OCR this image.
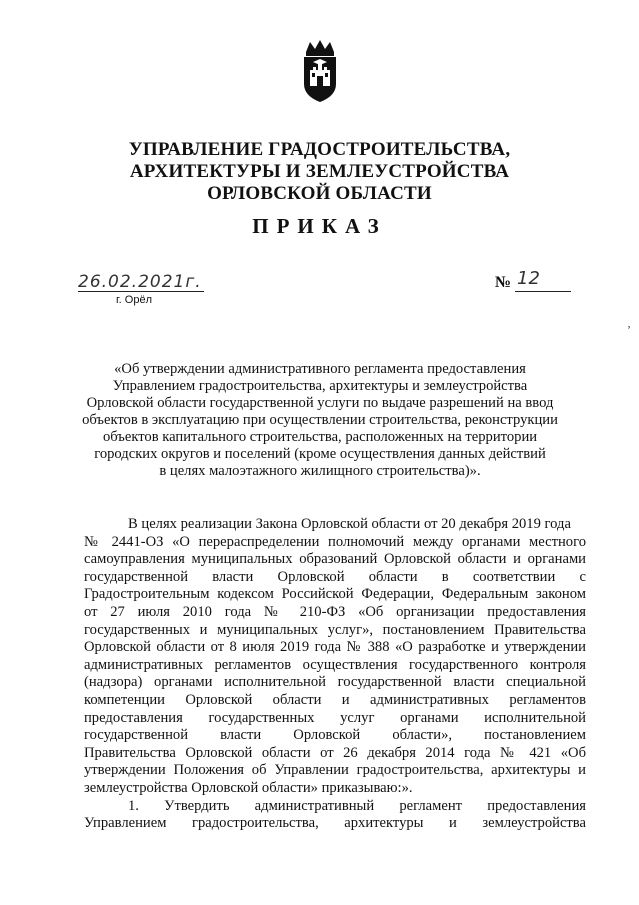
УПРАВЛЕНИЕ ГРАДОСТРОИТЕЛЬСТВА,
АРХИТЕКТУРЫ И ЗЕМЛЕУСТРОЙСТВА
ОРЛОВСКОЙ ОБЛАСТИ
ПРИКАЗ
26.02.2021г.
г. Орёл
№ 12
‚
«Об утверждении административного регламента предоставления
Управлением градостроительства, архитектуры и землеустройства
Орловской области государственной услуги по выдаче разрешений на ввод
объектов в эксплуатацию при осуществлении строительства, реконструкции
объектов капитального строительства, расположенных на территории
городских округов и поселений (кроме осуществления данных действий
в целях малоэтажного жилищного строительства)».
В целях реализации Закона Орловской области от 20 декабря 2019 года
№ 2441-ОЗ «О перераспределении полномочий между органами местного
самоуправления муниципальных образований Орловской области и органами
государственной власти Орловской области в соответствии с
Градостроительным кодексом Российской Федерации, Федеральным законом
от 27 июля 2010 года № 210-ФЗ «Об организации предоставления
государственных и муниципальных услуг», постановлением Правительства
Орловской области от 8 июля 2019 года № 388 «О разработке и утверждении
административных регламентов осуществления государственного контроля
(надзора) органами исполнительной государственной власти специальной
компетенции Орловской области и административных регламентов
предоставления государственных услуг органами исполнительной
государственной власти Орловской области», постановлением
Правительства Орловской области от 26 декабря 2014 года № 421 «Об
утверждении Положения об Управлении градостроительства, архитектуры и
землеустройства Орловской области» приказываю:».
1. Утвердить административный регламент предоставления
Управлением градостроительства, архитектуры и землеустройства
